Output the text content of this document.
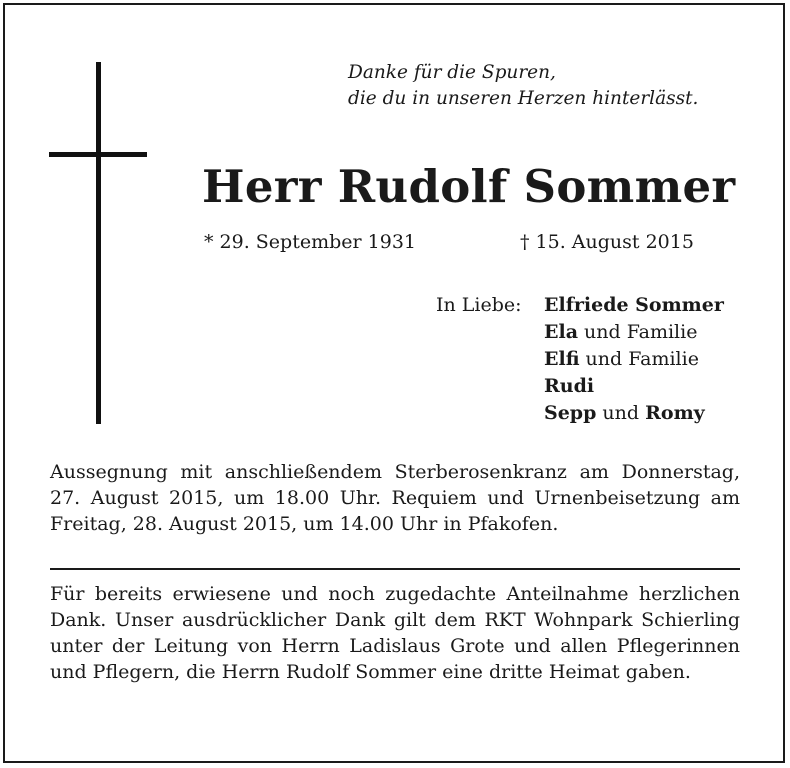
Danke für die Spuren,
die du in unseren Herzen hinterlässt.
Herr Rudolf Sommer
* 29. September 1931	† 15. August 2015
In Liebe:	Elfriede Sommer
Ela und Familie
Elfi und Familie
Rudi
Sepp und Romy
Aussegnung mit anschließendem Sterberosenkranz am Donnerstag, 27. August 2015, um 18.00 Uhr. Requiem und Urnenbeisetzung am Freitag, 28. August 2015, um 14.00 Uhr in Pfakofen.
Für bereits erwiesene und noch zugedachte Anteilnahme herzlichen Dank. Unser ausdrücklicher Dank gilt dem RKT Wohnpark Schierling unter der Leitung von Herrn Ladislaus Grote und allen Pflegerinnen und Pflegern, die Herrn Rudolf Sommer eine dritte Heimat gaben.
